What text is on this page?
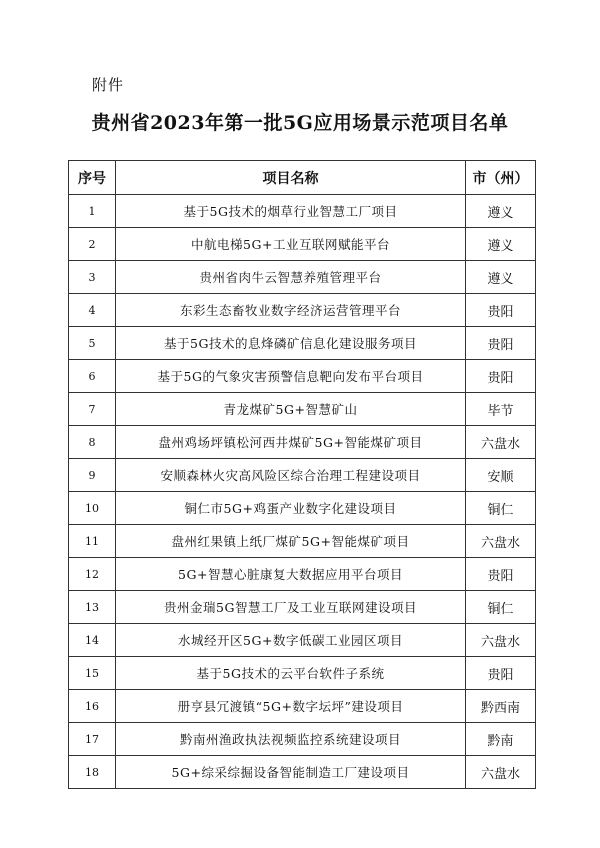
附件
贵州省2023年第一批5G应用场景示范项目名单
序号	项目名称	市（州）
1	基于5G技术的烟草行业智慧工厂项目	遵义
2	中航电梯5G+工业互联网赋能平台	遵义
3	贵州省肉牛云智慧养殖管理平台	遵义
4	东彩生态畜牧业数字经济运营管理平台	贵阳
5	基于5G技术的息烽磷矿信息化建设服务项目	贵阳
6	基于5G的气象灾害预警信息靶向发布平台项目	贵阳
7	青龙煤矿5G+智慧矿山	毕节
8	盘州鸡场坪镇松河西井煤矿5G+智能煤矿项目	六盘水
9	安顺森林火灾高风险区综合治理工程建设项目	安顺
10	铜仁市5G+鸡蛋产业数字化建设项目	铜仁
11	盘州红果镇上纸厂煤矿5G+智能煤矿项目	六盘水
12	5G+智慧心脏康复大数据应用平台项目	贵阳
13	贵州金瑞5G智慧工厂及工业互联网建设项目	铜仁
14	水城经开区5G+数字低碳工业园区项目	六盘水
15	基于5G技术的云平台软件子系统	贵阳
16	册亨县冗渡镇“5G+数字坛坪”建设项目	黔西南
17	黔南州渔政执法视频监控系统建设项目	黔南
18	5G+综采综掘设备智能制造工厂建设项目	六盘水
